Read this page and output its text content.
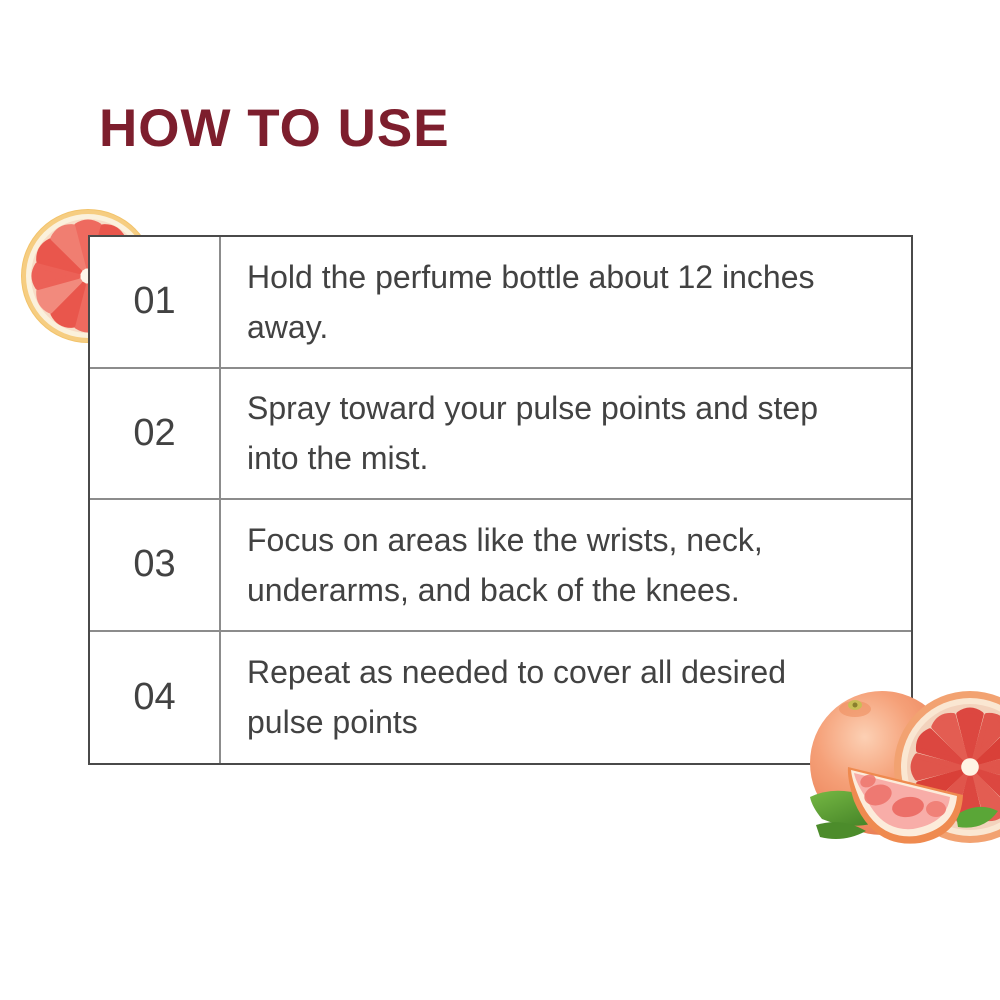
HOW TO USE
01
Hold the perfume bottle about 12 inches away.
02
Spray toward your pulse points and step into the mist.
03
Focus on areas like the wrists, neck, underarms, and back of the knees.
04
Repeat as needed to cover all desired pulse points
